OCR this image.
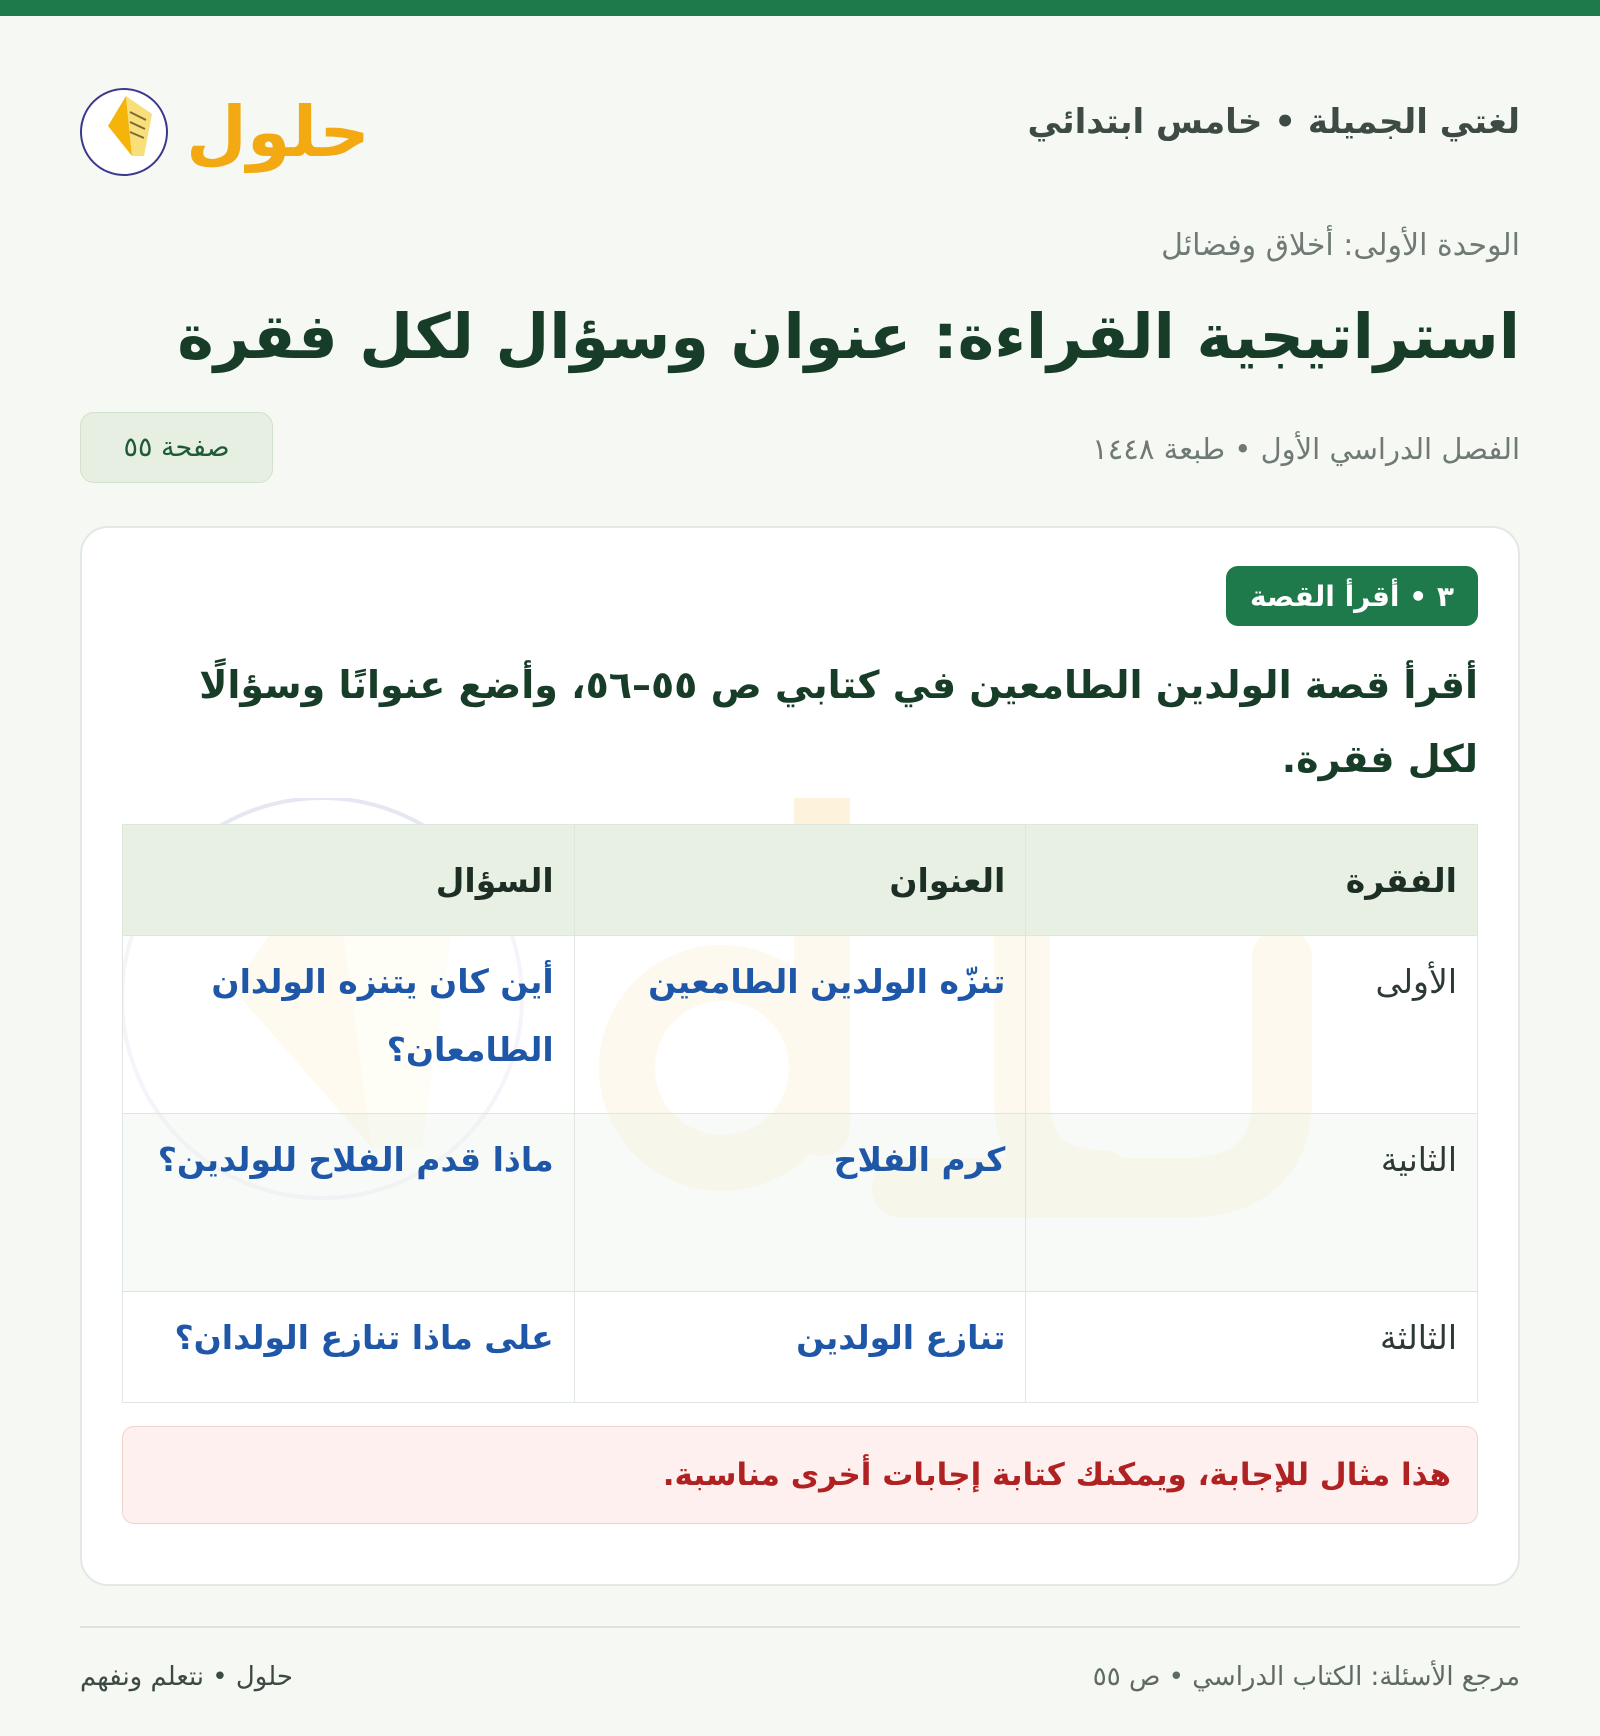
لغتي الجميلة • خامس ابتدائي
حلول
الوحدة الأولى: أخلاق وفضائل
استراتيجية القراءة: عنوان وسؤال لكل فقرة
الفصل الدراسي الأول • طبعة ١٤٤٨
صفحة ٥٥
٣ • أقرأ القصة

أقرأ قصة الولدين الطامعين في كتابي ص ٥٥–٥٦، وأضع عنوانًا وسؤالًا لكل فقرة.

الفقرة	العنوان	السؤال
الأولى	تنزّه الولدين الطامعين	أين كان يتنزه الولدان الطامعان؟
الثانية	كرم الفلاح	ماذا قدم الفلاح للولدين؟
الثالثة	تنازع الولدين	على ماذا تنازع الولدان؟
هذا مثال للإجابة، ويمكنك كتابة إجابات أخرى مناسبة.
مرجع الأسئلة: الكتاب الدراسي • ص ٥٥
حلول • نتعلم ونفهم
